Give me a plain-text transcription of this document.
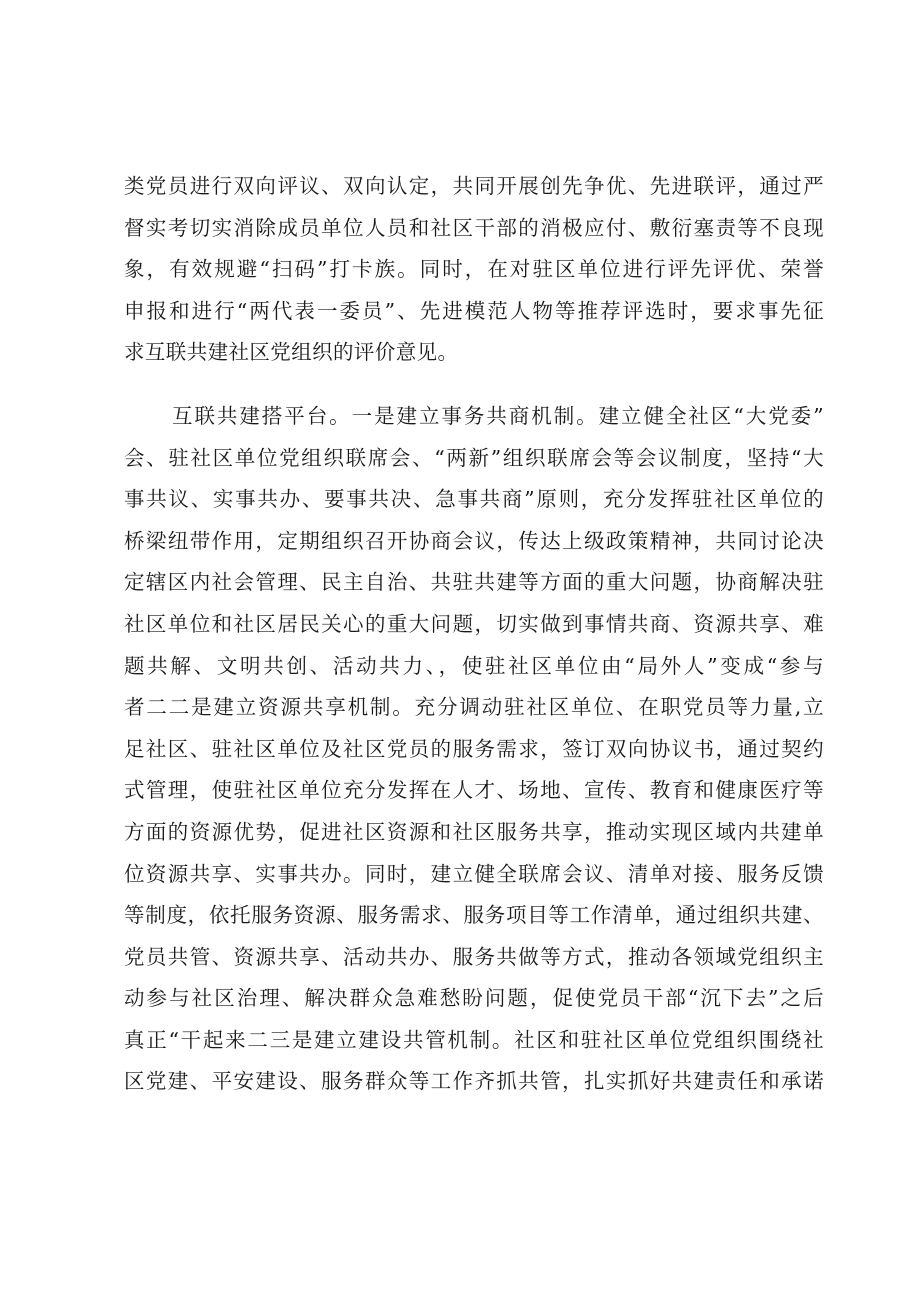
类党员进行双向评议、双向认定，共同开展创先争优、先进联评，通过严
督实考切实消除成员单位人员和社区干部的消极应付、敷衍塞责等不良现
象，有效规避“扫码”打卡族。同时，在对驻区单位进行评先评优、荣誉
申报和进行“两代表一委员”、先进模范人物等推荐评选时，要求事先征
求互联共建社区党组织的评价意见。
互联共建搭平台。一是建立事务共商机制。建立健全社区“大党委”
会、驻社区单位党组织联席会、“两新”组织联席会等会议制度，坚持“大
事共议、实事共办、要事共决、急事共商”原则，充分发挥驻社区单位的
桥梁纽带作用，定期组织召开协商会议，传达上级政策精神，共同讨论决
定辖区内社会管理、民主自治、共驻共建等方面的重大问题，协商解决驻
社区单位和社区居民关心的重大问题，切实做到事情共商、资源共享、难
题共解、文明共创、活动共力、，使驻社区单位由“局外人”变成“参与
者二二是建立资源共享机制。充分调动驻社区单位、在职党员等力量,立
足社区、驻社区单位及社区党员的服务需求，签订双向协议书，通过契约
式管理，使驻社区单位充分发挥在人才、场地、宣传、教育和健康医疗等
方面的资源优势，促进社区资源和社区服务共享，推动实现区域内共建单
位资源共享、实事共办。同时，建立健全联席会议、清单对接、服务反馈
等制度，依托服务资源、服务需求、服务项目等工作清单，通过组织共建、
党员共管、资源共享、活动共办、服务共做等方式，推动各领域党组织主
动参与社区治理、解决群众急难愁盼问题，促使党员干部“沉下去”之后
真正“干起来二三是建立建设共管机制。社区和驻社区单位党组织围绕社
区党建、平安建设、服务群众等工作齐抓共管，扎实抓好共建责任和承诺
